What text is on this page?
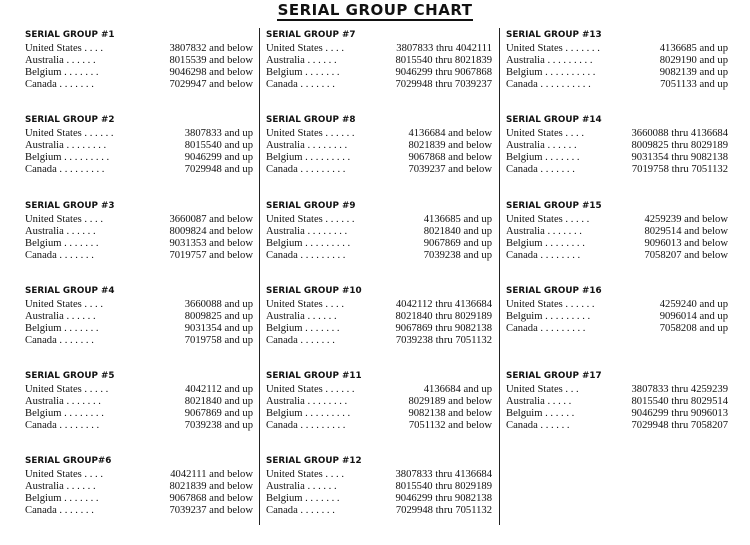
SERIAL GROUP CHART
SERIAL GROUP #1
United States . . . .	3807832 and below
Australia . . . . . .	8015539 and below
Belgium . . . . . . .	9046298 and below
Canada . . . . . . .	7029947 and below
SERIAL GROUP #2
United States . . . . . .	3807833 and up
Australia . . . . . . . .	8015540 and up
Belgium . . . . . . . . .	9046299 and up
Canada . . . . . . . . .	7029948 and up
SERIAL GROUP #3
United States . . . .	3660087 and below
Australia . . . . . .	8009824 and below
Belgium . . . . . . .	9031353 and below
Canada . . . . . . .	7019757 and below
SERIAL GROUP #4
United States . . . .	3660088 and up
Australia . . . . . .	8009825 and up
Belgium . . . . . . .	9031354 and up
Canada . . . . . . .	7019758 and up
SERIAL GROUP #5
United States . . . . .	4042112 and up
Australia . . . . . . .	8021840 and up
Belgium . . . . . . . .	9067869 and up
Canada . . . . . . . .	7039238 and up
SERIAL GROUP#6
United States . . . .	4042111 and below
Australia . . . . . .	8021839 and below
Belgium . . . . . . .	9067868 and below
Canada . . . . . . .	7039237 and below
SERIAL GROUP #7
United States . . . .	3807833 thru 4042111
Australia . . . . . .	8015540 thru 8021839
Belgium . . . . . . .	9046299 thru 9067868
Canada . . . . . . .	7029948 thru 7039237
SERIAL GROUP #8
United States . . . . . .	4136684 and below
Australia . . . . . . . .	8021839 and below
Belgium . . . . . . . . .	9067868 and below
Canada . . . . . . . . .	7039237 and below
SERIAL GROUP #9
United States . . . . . .	4136685 and up
Australia . . . . . . . .	8021840 and up
Belgium . . . . . . . . .	9067869 and up
Canada . . . . . . . . .	7039238 and up
SERIAL GROUP #10
United States . . . .	4042112 thru 4136684
Australia . . . . . .	8021840 thru 8029189
Belgium . . . . . . .	9067869 thru 9082138
Canada . . . . . . .	7039238 thru 7051132
SERIAL GROUP #11
United States . . . . . .	4136684 and up
Australia . . . . . . . .	8029189 and below
Belgium . . . . . . . . .	9082138 and below
Canada . . . . . . . . .	7051132 and below
SERIAL GROUP #12
United States . . . .	3807833 thru 4136684
Australia . . . . . .	8015540 thru 8029189
Belgium . . . . . . .	9046299 thru 9082138
Canada . . . . . . .	7029948 thru 7051132
SERIAL GROUP #13
United States . . . . . . .	4136685 and up
Australia . . . . . . . . .	8029190 and up
Belgium . . . . . . . . . .	9082139 and up
Canada . . . . . . . . . .	7051133 and up
SERIAL GROUP #14
United States . . . .	3660088 thru 4136684
Australia . . . . . .	8009825 thru 8029189
Belgium . . . . . . .	9031354 thru 9082138
Canada . . . . . . .	7019758 thru 7051132
SERIAL GROUP #15
United States . . . . .	4259239 and below
Australia . . . . . . .	8029514 and below
Belgium . . . . . . . .	9096013 and below
Canada . . . . . . . .	7058207 and below
SERIAL GROUP #16
United States . . . . . .	4259240 and up
Belguim . . . . . . . . .	9096014 and up
Canada . . . . . . . . .	7058208 and up
SERIAL GROUP #17
United States . . .	3807833 thru 4259239
Australia . . . . .	8015540 thru 8029514
Belguim . . . . . .	9046299 thru 9096013
Canada . . . . . .	7029948 thru 7058207
